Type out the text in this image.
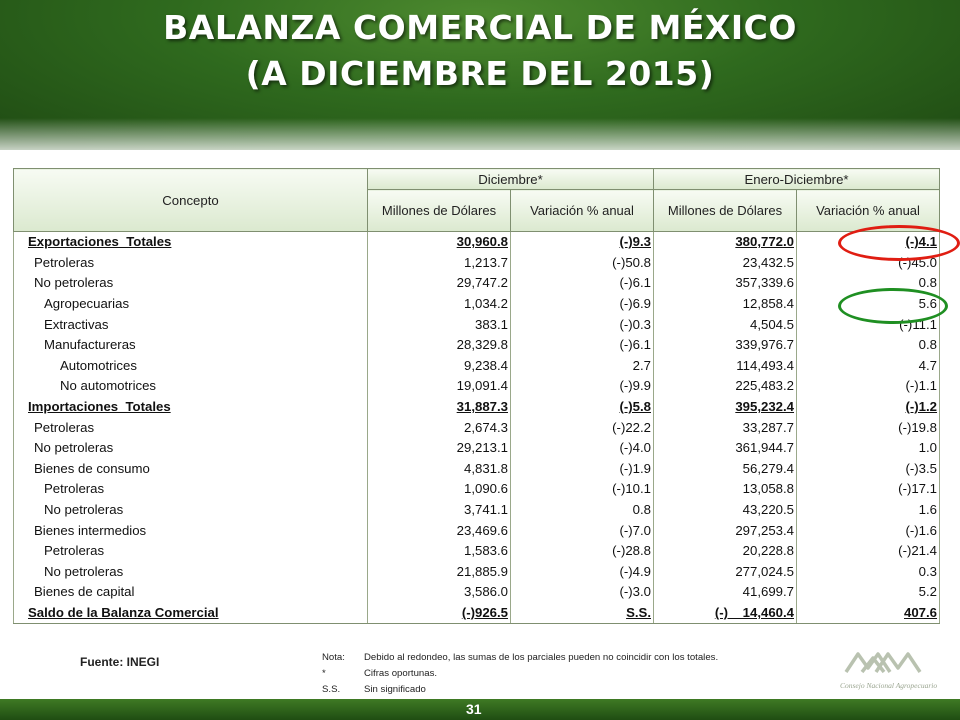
BALANZA COMERCIAL DE MÉXICO
(A DICIEMBRE DEL 2015)
Concepto	Diciembre*		Enero-Diciembre*	
	Millones de Dólares	Variación % anual	Millones de Dólares	Variación % anual
Exportaciones  Totales	30,960.8	(-)9.3	380,772.0	(-)4.1
Petroleras	1,213.7	(-)50.8	23,432.5	(-)45.0
No petroleras	29,747.2	(-)6.1	357,339.6	0.8
Agropecuarias	1,034.2	(-)6.9	12,858.4	5.6
Extractivas	383.1	(-)0.3	4,504.5	(-)11.1
Manufactureras	28,329.8	(-)6.1	339,976.7	0.8
Automotrices	9,238.4	2.7	114,493.4	4.7
No automotrices	19,091.4	(-)9.9	225,483.2	(-)1.1
Importaciones  Totales	31,887.3	(-)5.8	395,232.4	(-)1.2
Petroleras	2,674.3	(-)22.2	33,287.7	(-)19.8
No petroleras	29,213.1	(-)4.0	361,944.7	1.0
Bienes de consumo	4,831.8	(-)1.9	56,279.4	(-)3.5
Petroleras	1,090.6	(-)10.1	13,058.8	(-)17.1
No petroleras	3,741.1	0.8	43,220.5	1.6
Bienes intermedios	23,469.6	(-)7.0	297,253.4	(-)1.6
Petroleras	1,583.6	(-)28.8	20,228.8	(-)21.4
No petroleras	21,885.9	(-)4.9	277,024.5	0.3
Bienes de capital	3,586.0	(-)3.0	41,699.7	5.2
Saldo de la Balanza Comercial	(-)926.5	S.S.	(-)    14,460.4	407.6
Fuente: INEGI	Nota:	Debido al redondeo, las sumas de los parciales pueden no coincidir con los totales.
*	Cifras oportunas.
S.S.	Sin significado	Consejo Nacional Agropecuario
31
